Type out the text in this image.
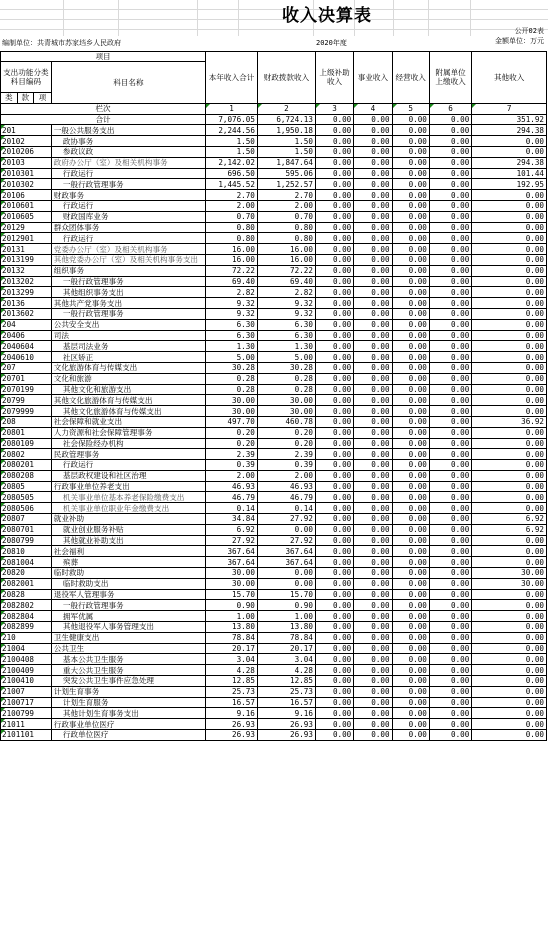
收入决算表
公开02表
编制单位：共青城市苏家垱乡人民政府	2020年度	金额单位：万元
项目				本年收入合计	财政拨款收入	上级补助收入	事业收入	经营收入	附属单位上缴收入	其他收入
支出功能分类科目编码			科目名称							
类	款	项								
栏次				1	2	3	4	5	6	7
合计				7,076.05	6,724.13	0.00	0.00	0.00	0.00	351.92
201			一般公共服务支出	2,244.56	1,950.18	0.00	0.00	0.00	0.00	294.38
20102			政协事务	1.50	1.50	0.00	0.00	0.00	0.00	0.00
2010206			参政议政	1.50	1.50	0.00	0.00	0.00	0.00	0.00
20103			政府办公厅（室）及相关机构事务	2,142.02	1,847.64	0.00	0.00	0.00	0.00	294.38
2010301			行政运行	696.50	595.06	0.00	0.00	0.00	0.00	101.44
2010302			一般行政管理事务	1,445.52	1,252.57	0.00	0.00	0.00	0.00	192.95
20106			财政事务	2.70	2.70	0.00	0.00	0.00	0.00	0.00
2010601			行政运行	2.00	2.00	0.00	0.00	0.00	0.00	0.00
2010605			财政国库业务	0.70	0.70	0.00	0.00	0.00	0.00	0.00
20129			群众团体事务	0.80	0.80	0.00	0.00	0.00	0.00	0.00
2012901			行政运行	0.80	0.80	0.00	0.00	0.00	0.00	0.00
20131			党委办公厅（室）及相关机构事务	16.00	16.00	0.00	0.00	0.00	0.00	0.00
2013199			其他党委办公厅（室）及相关机构事务支出	16.00	16.00	0.00	0.00	0.00	0.00	0.00
20132			组织事务	72.22	72.22	0.00	0.00	0.00	0.00	0.00
2013202			一般行政管理事务	69.40	69.40	0.00	0.00	0.00	0.00	0.00
2013299			其他组织事务支出	2.82	2.82	0.00	0.00	0.00	0.00	0.00
20136			其他共产党事务支出	9.32	9.32	0.00	0.00	0.00	0.00	0.00
2013602			一般行政管理事务	9.32	9.32	0.00	0.00	0.00	0.00	0.00
204			公共安全支出	6.30	6.30	0.00	0.00	0.00	0.00	0.00
20406			司法	6.30	6.30	0.00	0.00	0.00	0.00	0.00
2040604			基层司法业务	1.30	1.30	0.00	0.00	0.00	0.00	0.00
2040610			社区矫正	5.00	5.00	0.00	0.00	0.00	0.00	0.00
207			文化旅游体育与传媒支出	30.28	30.28	0.00	0.00	0.00	0.00	0.00
20701			文化和旅游	0.28	0.28	0.00	0.00	0.00	0.00	0.00
2070199			其他文化和旅游支出	0.28	0.28	0.00	0.00	0.00	0.00	0.00
20799			其他文化旅游体育与传媒支出	30.00	30.00	0.00	0.00	0.00	0.00	0.00
2079999			其他文化旅游体育与传媒支出	30.00	30.00	0.00	0.00	0.00	0.00	0.00
208			社会保障和就业支出	497.70	460.78	0.00	0.00	0.00	0.00	36.92
20801			人力资源和社会保障管理事务	0.20	0.20	0.00	0.00	0.00	0.00	0.00
2080109			社会保险经办机构	0.20	0.20	0.00	0.00	0.00	0.00	0.00
20802			民政管理事务	2.39	2.39	0.00	0.00	0.00	0.00	0.00
2080201			行政运行	0.39	0.39	0.00	0.00	0.00	0.00	0.00
2080208			基层政权建设和社区治理	2.00	2.00	0.00	0.00	0.00	0.00	0.00
20805			行政事业单位养老支出	46.93	46.93	0.00	0.00	0.00	0.00	0.00
2080505			机关事业单位基本养老保险缴费支出	46.79	46.79	0.00	0.00	0.00	0.00	0.00
2080506			机关事业单位职业年金缴费支出	0.14	0.14	0.00	0.00	0.00	0.00	0.00
20807			就业补助	34.84	27.92	0.00	0.00	0.00	0.00	6.92
2080701			就业创业服务补贴	6.92	0.00	0.00	0.00	0.00	0.00	6.92
2080799			其他就业补助支出	27.92	27.92	0.00	0.00	0.00	0.00	0.00
20810			社会福利	367.64	367.64	0.00	0.00	0.00	0.00	0.00
2081004			殡葬	367.64	367.64	0.00	0.00	0.00	0.00	0.00
20820			临时救助	30.00	0.00	0.00	0.00	0.00	0.00	30.00
2082001			临时救助支出	30.00	0.00	0.00	0.00	0.00	0.00	30.00
20828			退役军人管理事务	15.70	15.70	0.00	0.00	0.00	0.00	0.00
2082802			一般行政管理事务	0.90	0.90	0.00	0.00	0.00	0.00	0.00
2082804			拥军优属	1.00	1.00	0.00	0.00	0.00	0.00	0.00
2082899			其他退役军人事务管理支出	13.80	13.80	0.00	0.00	0.00	0.00	0.00
210			卫生健康支出	78.84	78.84	0.00	0.00	0.00	0.00	0.00
21004			公共卫生	20.17	20.17	0.00	0.00	0.00	0.00	0.00
2100408			基本公共卫生服务	3.04	3.04	0.00	0.00	0.00	0.00	0.00
2100409			重大公共卫生服务	4.28	4.28	0.00	0.00	0.00	0.00	0.00
2100410			突发公共卫生事件应急处理	12.85	12.85	0.00	0.00	0.00	0.00	0.00
21007			计划生育事务	25.73	25.73	0.00	0.00	0.00	0.00	0.00
2100717			计划生育服务	16.57	16.57	0.00	0.00	0.00	0.00	0.00
2100799			其他计划生育事务支出	9.16	9.16	0.00	0.00	0.00	0.00	0.00
21011			行政事业单位医疗	26.93	26.93	0.00	0.00	0.00	0.00	0.00
2101101			行政单位医疗	26.93	26.93	0.00	0.00	0.00	0.00	0.00
